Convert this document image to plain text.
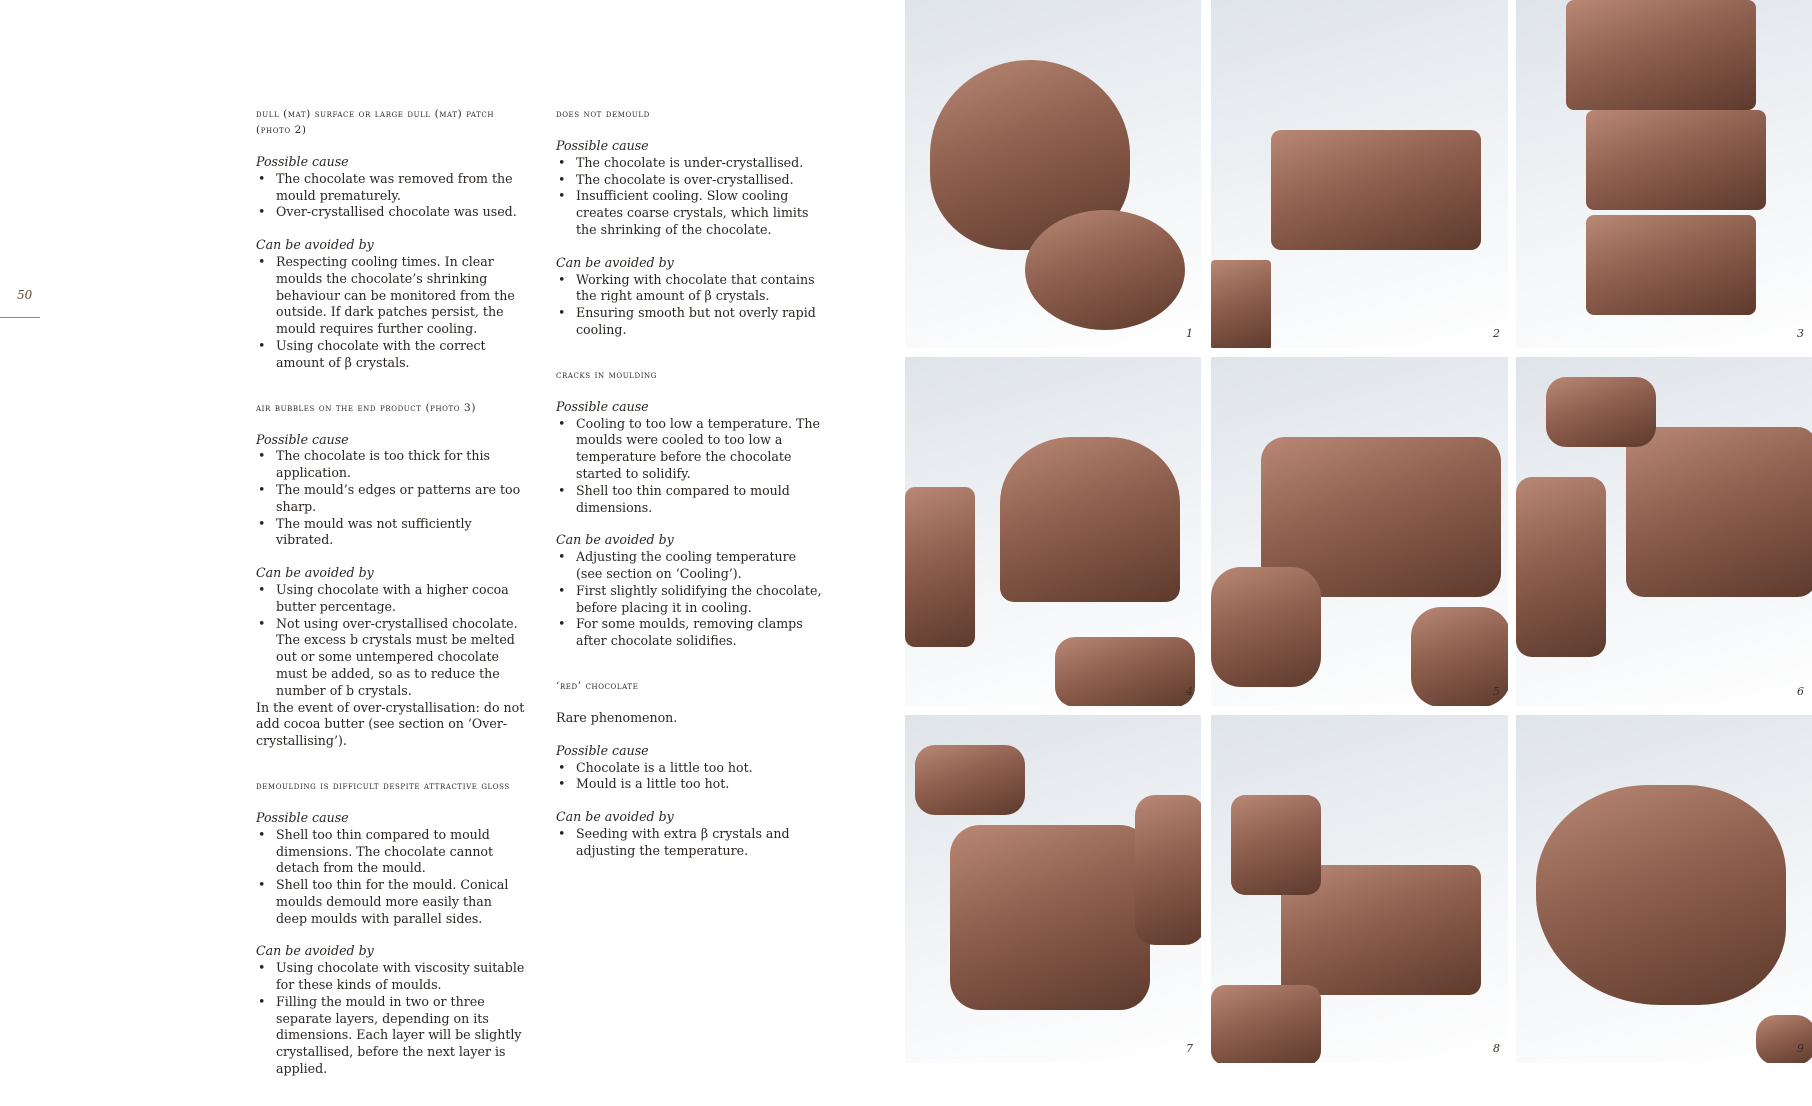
50
dull (mat) surface or large dull (mat) patch (photo 2)

Possible cause

• The chocolate was removed from the mould prematurely.
• Over-crystallised chocolate was used.

Can be avoided by

• Respecting cooling times. In clear moulds the chocolate’s shrinking behaviour can be monitored from the outside. If dark patches persist, the mould requires further cooling.
• Using chocolate with the correct amount of β crystals.
air bubbles on the end product (photo 3)

Possible cause

• The chocolate is too thick for this application.
• The mould’s edges or patterns are too sharp.
• The mould was not sufficiently vibrated.

Can be avoided by

• Using chocolate with a higher cocoa butter percentage.
• Not using over-crystallised chocolate. The excess b crystals must be melted out or some untempered chocolate must be added, so as to reduce the number of b crystals.

In the event of over-crystallisation: do not add cocoa butter (see section on ‘Over-crystallising’).

demoulding is difficult despite attractive gloss

Possible cause

• Shell too thin compared to mould dimensions. The chocolate cannot detach from the mould.
• Shell too thin for the mould. Conical moulds demould more easily than deep moulds with parallel sides.

Can be avoided by

• Using chocolate with viscosity suitable for these kinds of moulds.
• Filling the mould in two or three separate layers, depending on its dimensions. Each layer will be slightly crystallised, before the next layer is applied.
does not demould

Possible cause

• The chocolate is under-crystallised.
• The chocolate is over-crystallised.
• Insufficient cooling. Slow cooling creates coarse crystals, which limits the shrinking of the chocolate.

Can be avoided by

• Working with chocolate that contains the right amount of β crystals.
• Ensuring smooth but not overly rapid cooling.
cracks in moulding

Possible cause

• Cooling to too low a temperature. The moulds were cooled to too low a temperature before the chocolate started to solidify.
• Shell too thin compared to mould dimensions.

Can be avoided by

• Adjusting the cooling temperature (see section on ‘Cooling’).
• First slightly solidifying the chocolate, before placing it in cooling.
• For some moulds, removing clamps after chocolate solidifies.
‘red’ chocolate

Rare phenomenon.

Possible cause

• Chocolate is a little too hot.
• Mould is a little too hot.

Can be avoided by

• Seeding with extra β crystals and adjusting the temperature.
1	2	3
4	5	6
7	8	9
